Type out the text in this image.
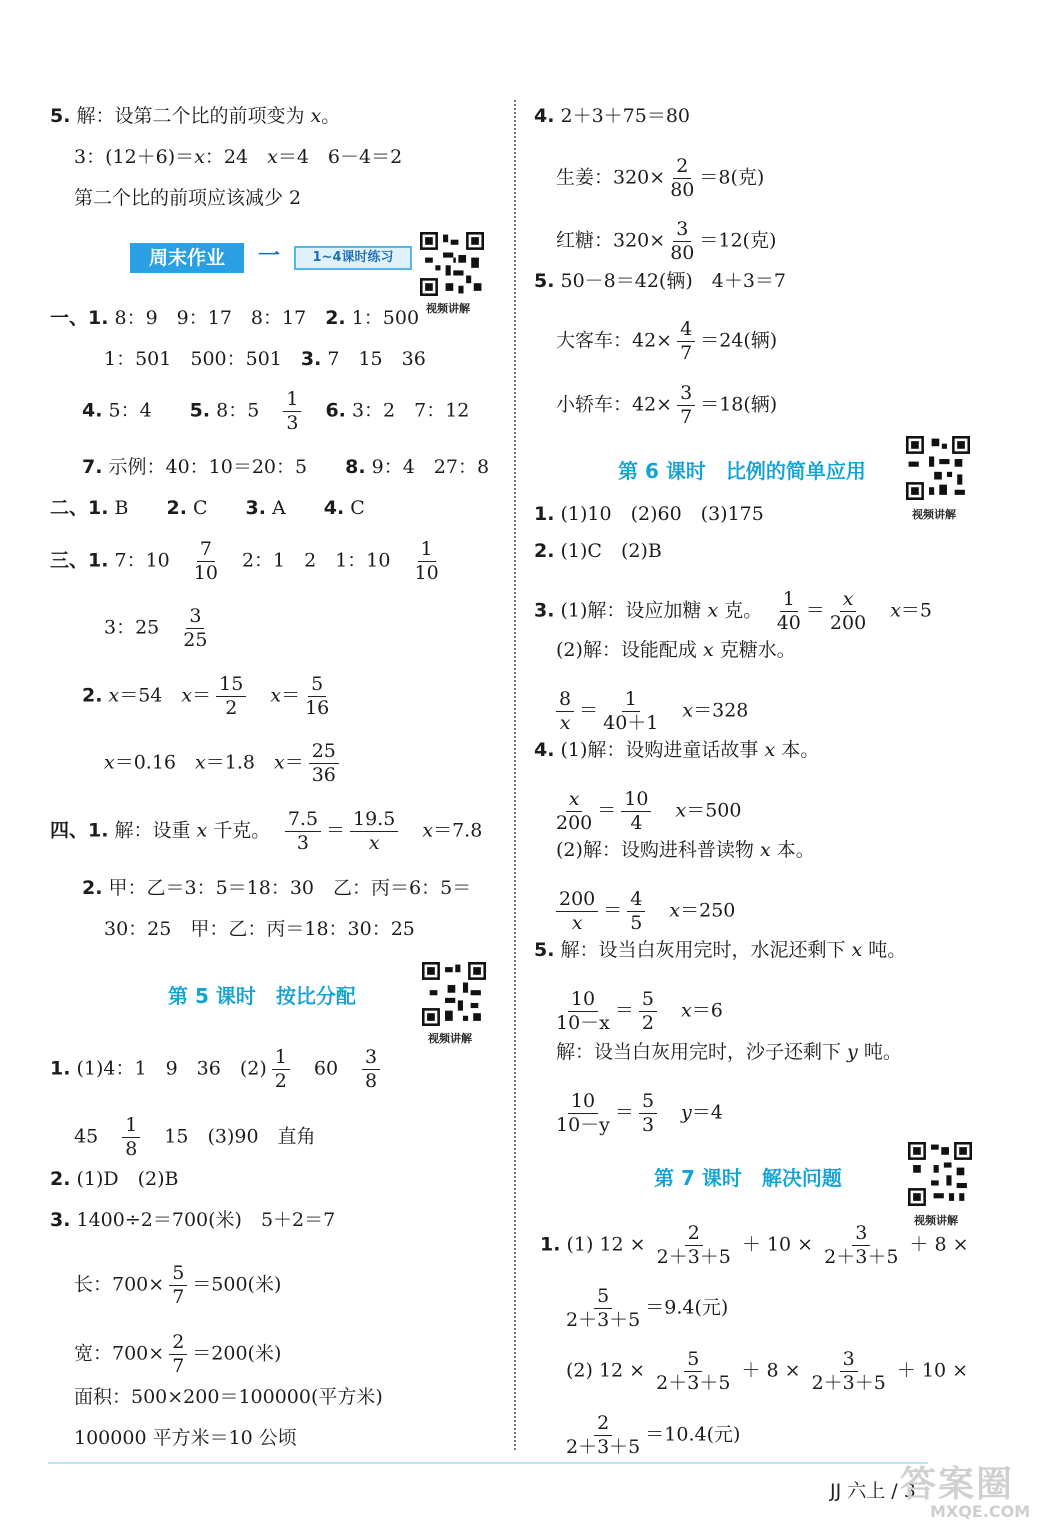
5. 解：设第二个比的前项变为 x。
3：(12＋6)＝x：24　x＝4　6－4＝2
第二个比的前项应该减少 2
周末作业	一	1~4课时练习
视频讲解
一、1. 8：9　9：17　8：17　2. 1：500
1：501　500：501　3. 7　15　36
4. 5：4　　5. 8：5　 $\frac{1}{3}$
　 6. 3：2　7：12
7. 示例：40：10＝20：5　　8. 9：4　27：8
二、1. B　　2. C　　3. A　　4. C
三、1. 7：10　 $\frac{7}{10}$ 　2：1　2　1：10　 $\frac{1}{10}$
3：25　 $\frac{3}{25}$
2. x＝54　$x= \frac{15}{2}$
　 $x= \frac{5}{16}$
x＝0.16　x＝1.8　$x= \frac{25}{36}$
四、1. 解：设重 x 千克。　 $\frac{7.5}{3} = \frac{19.5}{x}$
　 x＝7.8
2. 甲：乙＝3：5＝18：30　乙：丙＝6：5＝
30：25　甲：乙：丙＝18：30：25
第 5 课时　按比分配
视频讲解
1. (1)4：1　9　36　$(2) \frac{1}{2}$ 　60　 $\frac{3}{8}$
45　 $\frac{1}{8}$ 　15　(3)90　直角
2. (1)D　(2)B
3. 1400÷2＝700(米)　5＋2＝7
长：$700\times \frac{5}{7} =500$(米)
宽：$700\times \frac{2}{7} =200$(米)
面积：500×200＝100000(平方米)
100000 平方米＝10 公顷
4. 2＋3＋75＝80
生姜：$320\times \frac{2}{80} =8$(克)
红糖：$320\times \frac{3}{80} =12$(克)
5. 50－8＝42(辆)　4＋3＝7
大客车：$42\times \frac{4}{7} =24$(辆)
小轿车：$42\times \frac{3}{7} =18$(辆)
第 6 课时　比例的简单应用
视频讲解
1. (1)10　(2)60　(3)175
2. (1)C　(2)B
3. (1)解：设应加糖 x 克。　 $\frac{1}{40} = \frac{x}{200}$
　 x＝5
(2)解：设能配成 x 克糖水。
$\frac{8}{x} = \frac{1}{40+1}$
　 x＝328
4. (1)解：设购进童话故事 x 本。
$\frac{x}{200} = \frac{10}{4}$
　 x＝500
(2)解：设购进科普读物 x 本。
$\frac{200}{x} = \frac{4}{5}$
　 x＝250
5. 解：设当白灰用完时，水泥还剩下 x 吨。
$\frac{10}{10-x} = \frac{5}{2}$
　 x＝6
解：设当白灰用完时，沙子还剩下 y 吨。
$\frac{10}{10-y} = \frac{5}{3}$
　 y＝4
第 7 课时　解决问题
视频讲解
1. (1) $12 \times \frac{2}{2+3+5} + 10 \times \frac{3}{2+3+5} + 8$ ×
$\frac{5}{2+3+5} =9.4$(元)
(2) $12 \times \frac{5}{2+3+5} + 8 \times \frac{3}{2+3+5} + 10$ ×
$\frac{2}{2+3+5} =10.4$(元)
JJ 六上 / 3
答案圈
MXQE.COM
